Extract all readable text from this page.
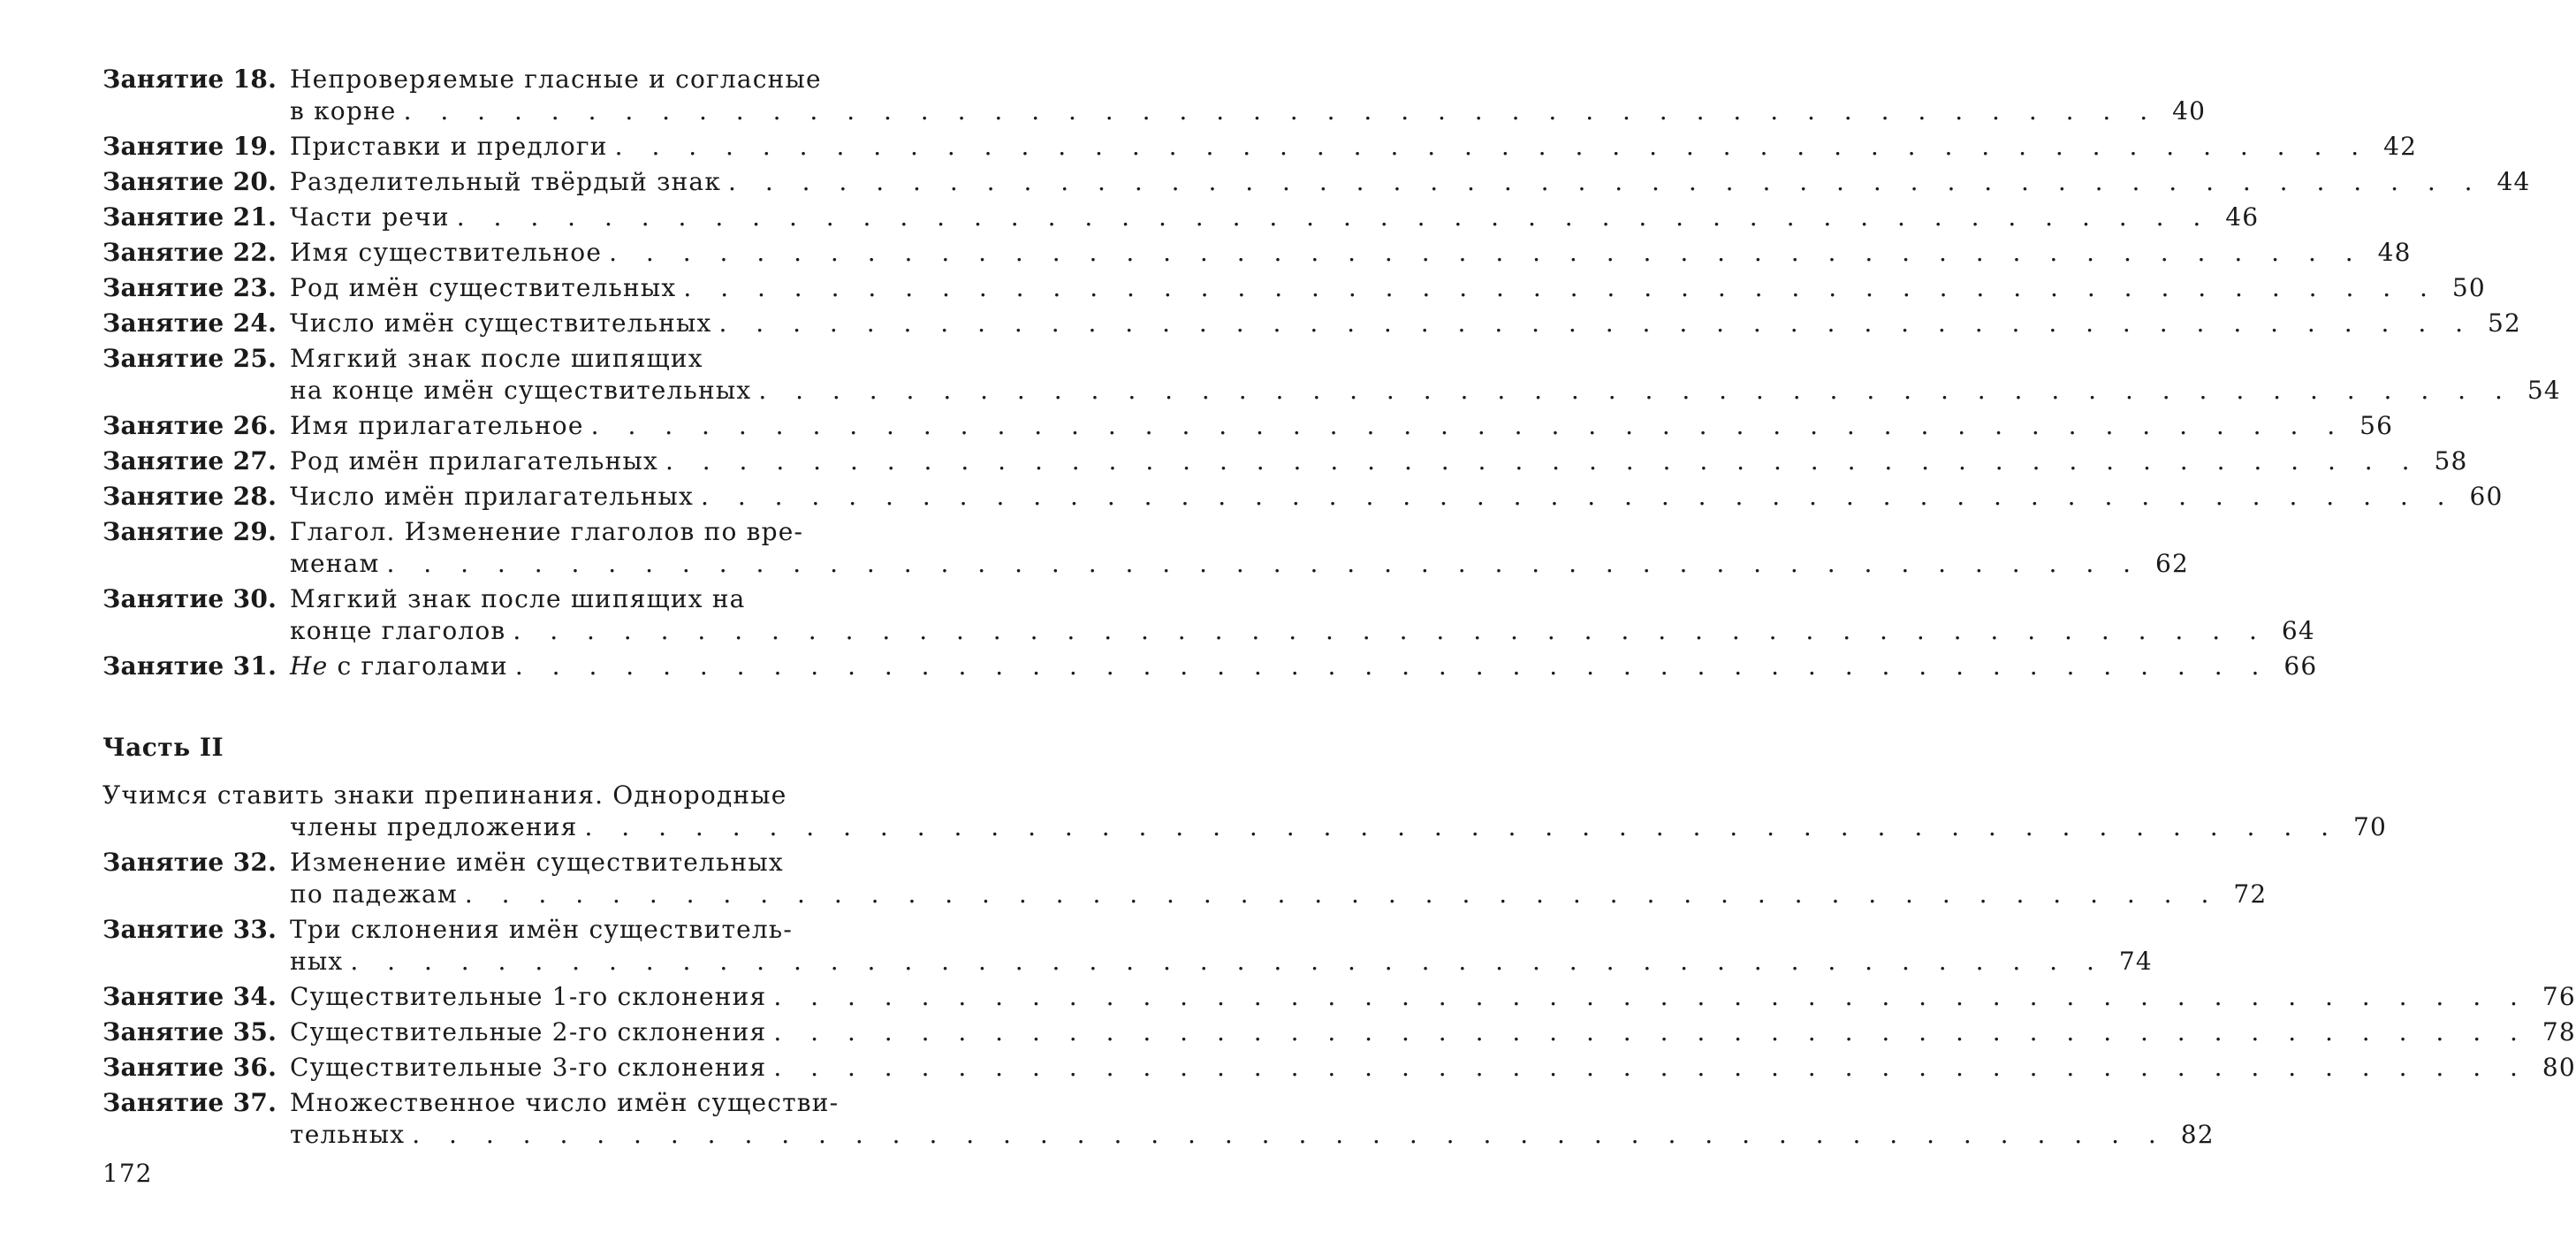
Занятие 18. Непроверяемые гласные и согласные
в корне . . . . . . . . . . . . . . . . . . . . . . . . . . . . . . . . . . . . . . . . . . . . . . . . 40
Занятие 19. Приставки и предлоги . . . . . . . . . . . . . . . . . . . . . . . . . . . . . . . . . . . . . . . . . . . . . . . . 42
Занятие 20. Разделительный твёрдый знак . . . . . . . . . . . . . . . . . . . . . . . . . . . . . . . . . . . . . . . . . . . . . . . . 44
Занятие 21. Части речи . . . . . . . . . . . . . . . . . . . . . . . . . . . . . . . . . . . . . . . . . . . . . . . . 46
Занятие 22. Имя существительное . . . . . . . . . . . . . . . . . . . . . . . . . . . . . . . . . . . . . . . . . . . . . . . . 48
Занятие 23. Род имён существительных . . . . . . . . . . . . . . . . . . . . . . . . . . . . . . . . . . . . . . . . . . . . . . . . 50
Занятие 24. Число имён существительных . . . . . . . . . . . . . . . . . . . . . . . . . . . . . . . . . . . . . . . . . . . . . . . . 52
Занятие 25. Мягкий знак после шипящих
на конце имён существительных . . . . . . . . . . . . . . . . . . . . . . . . . . . . . . . . . . . . . . . . . . . . . . . . 54
Занятие 26. Имя прилагательное . . . . . . . . . . . . . . . . . . . . . . . . . . . . . . . . . . . . . . . . . . . . . . . . 56
Занятие 27. Род имён прилагательных . . . . . . . . . . . . . . . . . . . . . . . . . . . . . . . . . . . . . . . . . . . . . . . . 58
Занятие 28. Число имён прилагательных . . . . . . . . . . . . . . . . . . . . . . . . . . . . . . . . . . . . . . . . . . . . . . . . 60
Занятие 29. Глагол. Изменение глаголов по вре-
менам . . . . . . . . . . . . . . . . . . . . . . . . . . . . . . . . . . . . . . . . . . . . . . . . 62
Занятие 30. Мягкий знак после шипящих на
конце глаголов . . . . . . . . . . . . . . . . . . . . . . . . . . . . . . . . . . . . . . . . . . . . . . . . 64
Занятие 31. Не с глаголами . . . . . . . . . . . . . . . . . . . . . . . . . . . . . . . . . . . . . . . . . . . . . . . . 66
Часть II
Учимся ставить знаки препинания. Однородные
члены предложения . . . . . . . . . . . . . . . . . . . . . . . . . . . . . . . . . . . . . . . . . . . . . . . . 70
Занятие 32. Изменение имён существительных
по падежам . . . . . . . . . . . . . . . . . . . . . . . . . . . . . . . . . . . . . . . . . . . . . . . . 72
Занятие 33. Три склонения имён существитель-
ных . . . . . . . . . . . . . . . . . . . . . . . . . . . . . . . . . . . . . . . . . . . . . . . . 74
Занятие 34. Существительные 1-го склонения . . . . . . . . . . . . . . . . . . . . . . . . . . . . . . . . . . . . . . . . . . . . . . . . 76
Занятие 35. Существительные 2-го склонения . . . . . . . . . . . . . . . . . . . . . . . . . . . . . . . . . . . . . . . . . . . . . . . . 78
Занятие 36. Существительные 3-го склонения . . . . . . . . . . . . . . . . . . . . . . . . . . . . . . . . . . . . . . . . . . . . . . . . 80
Занятие 37. Множественное число имён существи-
тельных . . . . . . . . . . . . . . . . . . . . . . . . . . . . . . . . . . . . . . . . . . . . . . . . 82
172
